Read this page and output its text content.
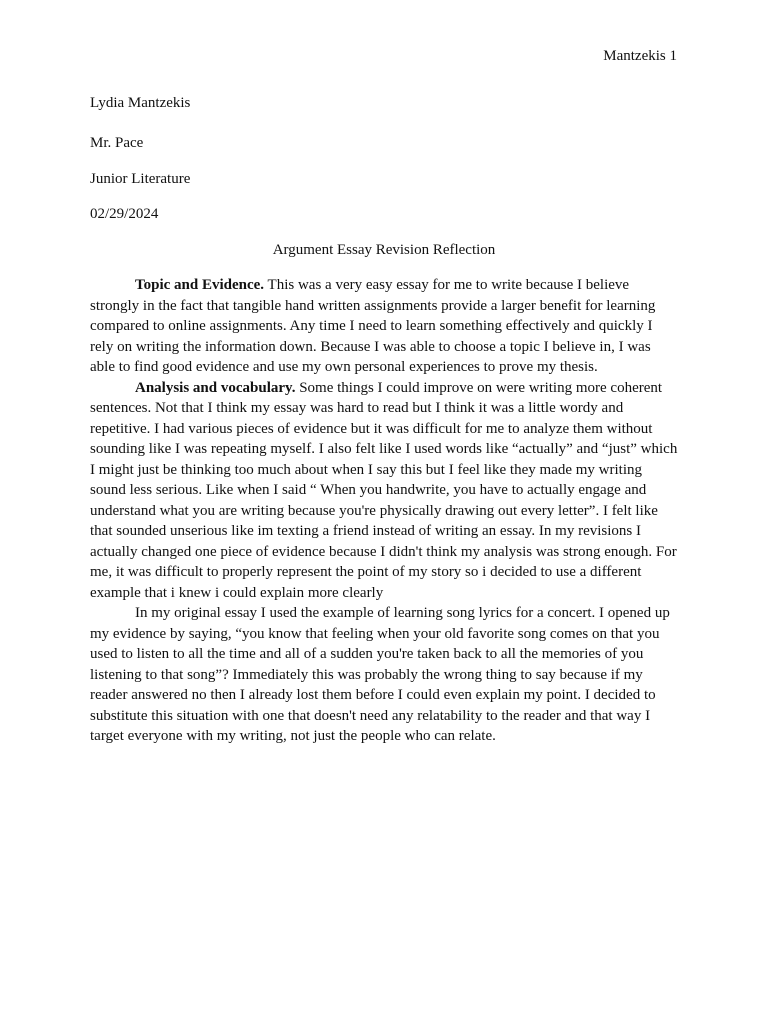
Mantzekis 1

Lydia Mantzekis

Mr. Pace

Junior Literature

02/29/2024

Argument Essay Revision Reflection

Topic and Evidence. This was a very easy essay for me to write because I believe strongly in the fact that tangible hand written assignments provide a larger benefit for learning compared to online assignments. Any time I need to learn something effectively and quickly I rely on writing the information down. Because I was able to choose a topic I believe in, I was able to find good evidence and use my own personal experiences to prove my thesis.

Analysis and vocabulary. Some things I could improve on were writing more coherent sentences. Not that I think my essay was hard to read but I think it was a little wordy and repetitive. I had various pieces of evidence but it was difficult for me to analyze them without sounding like I was repeating myself. I also felt like I used words like “actually” and “just” which I might just be thinking too much about when I say this but I feel like they made my writing sound less serious. Like when I said “ When you handwrite, you have to actually engage and understand what you are writing because you're physically drawing out every letter”. I felt like that sounded unserious like im texting a friend instead of writing an essay. In my revisions I actually changed one piece of evidence because I didn't think my analysis was strong enough. For me, it was difficult to properly represent the point of my story so i decided to use a different example that i knew i could explain more clearly

In my original essay I used the example of learning song lyrics for a concert. I opened up my evidence by saying, “you know that feeling when your old favorite song comes on that you used to listen to all the time and all of a sudden you're taken back to all the memories of you listening to that song”? Immediately this was probably the wrong thing to say because if my reader answered no then I already lost them before I could even explain my point. I decided to substitute this situation with one that doesn't need any relatability to the reader and that way I target everyone with my writing, not just the people who can relate.
